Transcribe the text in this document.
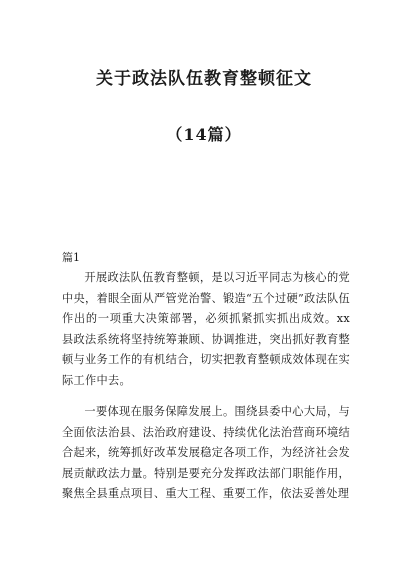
关于政法队伍教育整顿征文
（14篇）
篇1

开展政法队伍教育整顿，是以习近平同志为核心的党中央，着眼全面从严管党治警、锻造“五个过硬”政法队伍作出的一项重大决策部署，必须抓紧抓实抓出成效。xx县政法系统将坚持统筹兼顾、协调推进，突出抓好教育整顿与业务工作的有机结合，切实把教育整顿成效体现在实际工作中去。

一要体现在服务保障发展上。围绕县委中心大局，与全面依法治县、法治政府建设、持续优化法治营商环境结合起来，统筹抓好改革发展稳定各项工作，为经济社会发展贡献政法力量。特别是要充分发挥政法部门职能作用，聚焦全县重点项目、重大工程、重要工作，依法妥善处理
